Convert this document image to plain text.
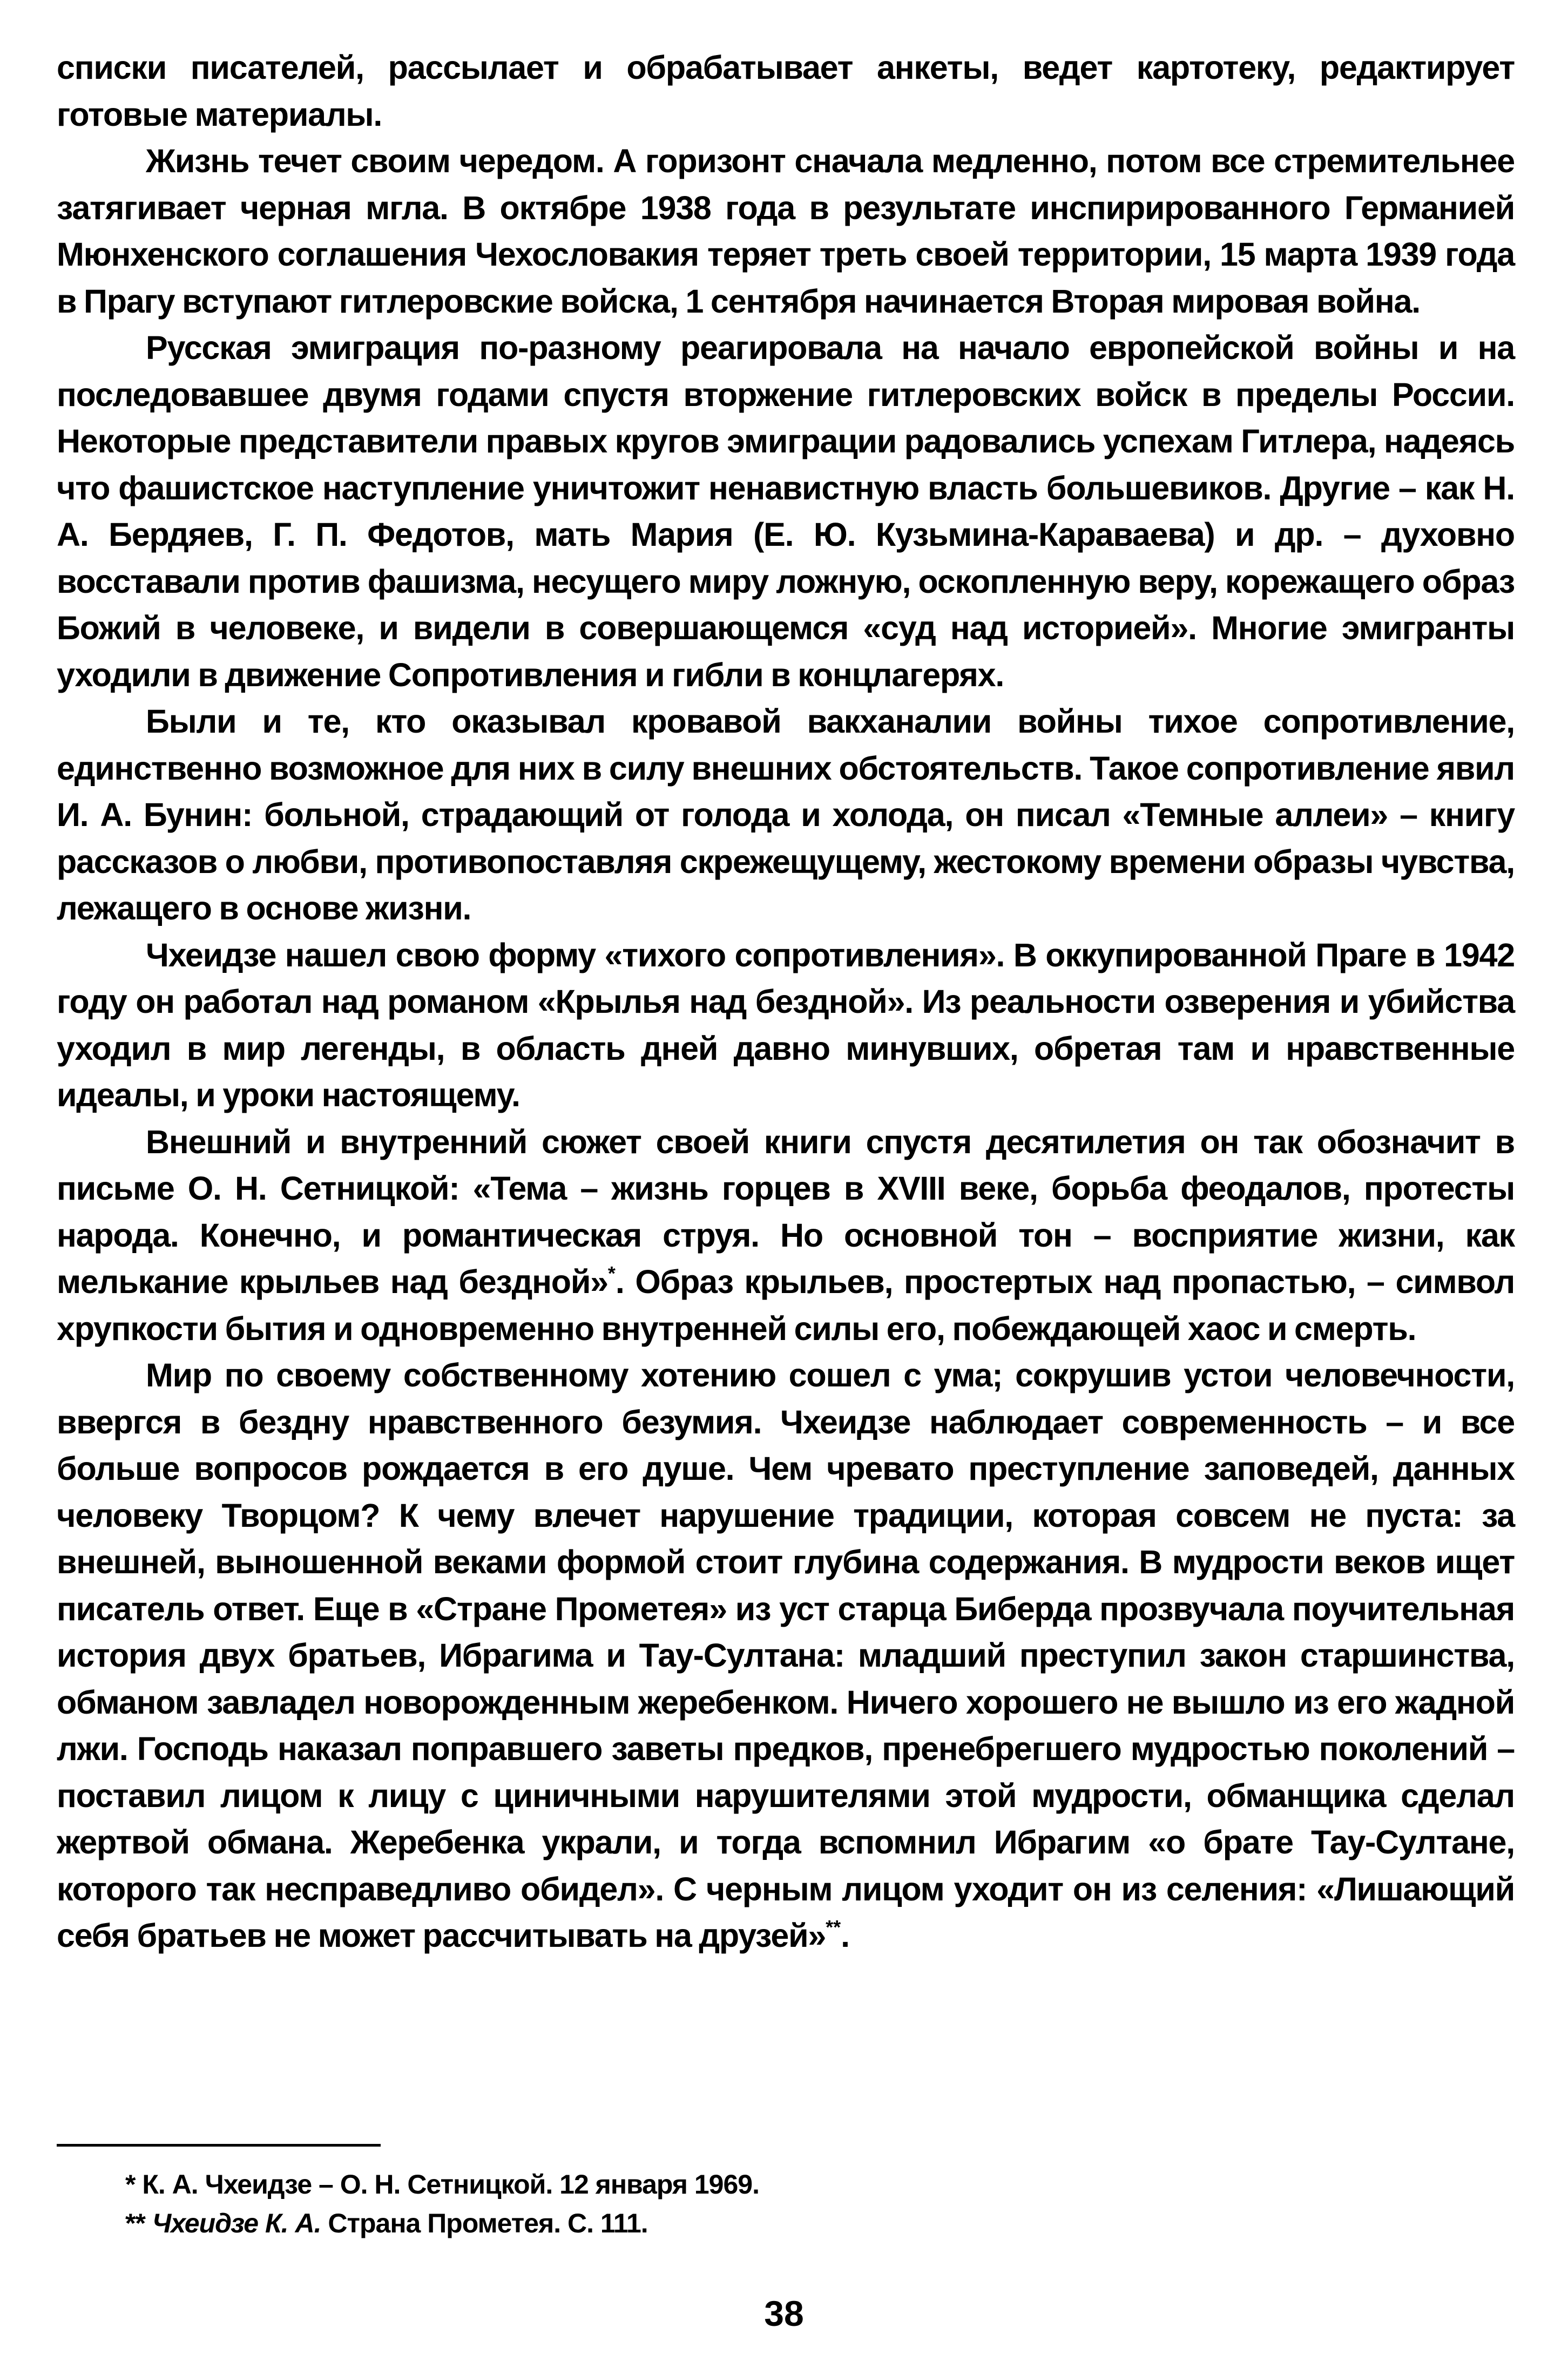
списки писателей, рассылает и обрабатывает анкеты, ведет картотеку, редактирует готовые материалы.

Жизнь течет своим чередом. А горизонт сначала медленно, потом все стремительнее затягивает черная мгла. В октябре 1938 года в результате инспирированного Германией Мюнхенского соглашения Чехословакия теряет треть своей территории, 15 марта 1939 года в Прагу вступают гитлеровские войска, 1 сентября начинается Вторая мировая война.

Русская эмиграция по-разному реагировала на начало европейской войны и на последовавшее двумя годами спустя вторжение гитлеровских войск в пределы России. Некоторые представители правых кругов эмиграции радовались успехам Гитлера, надеясь что фашистское наступление уничтожит ненавистную власть большевиков. Другие – как Н. А. Бердяев, Г. П. Федотов, мать Мария (Е. Ю. Кузьмина-Караваева) и др. – духовно восставали против фашизма, несущего миру ложную, оскопленную веру, корежащего образ Божий в человеке, и видели в совершающемся «суд над историей». Многие эмигранты уходили в движение Сопротивления и гибли в концлагерях.

Были и те, кто оказывал кровавой вакханалии войны тихое сопротивление, единственно возможное для них в силу внешних обстоятельств. Такое сопротивление явил И. А. Бунин: больной, страдающий от голода и холода, он писал «Темные аллеи» – книгу рассказов о любви, противопоставляя скрежещущему, жестокому времени образы чувства, лежащего в основе жизни.

Чхеидзе нашел свою форму «тихого сопротивления». В оккупированной Праге в 1942 году он работал над романом «Крылья над бездной». Из реальности озверения и убийства уходил в мир легенды, в область дней давно минувших, обретая там и нравственные идеалы, и уроки настоящему.

Внешний и внутренний сюжет своей книги спустя десятилетия он так обозначит в письме О. Н. Сетницкой: «Тема – жизнь горцев в XVIII веке, борьба феодалов, протесты народа. Конечно, и романтическая струя. Но основной тон – восприятие жизни, как мелькание крыльев над бездной»*. Образ крыльев, простертых над пропастью, – символ хрупкости бытия и одновременно внутренней силы его, побеждающей хаос и смерть.

Мир по своему собственному хотению сошел с ума; сокрушив устои человечности, ввергся в бездну нравственного безумия. Чхеидзе наблюдает современность – и все больше вопросов рождается в его душе. Чем чревато преступление заповедей, данных человеку Творцом? К чему влечет нарушение традиции, которая совсем не пуста: за внешней, выношенной веками формой стоит глубина содержания. В мудрости веков ищет писатель ответ. Еще в «Стране Прометея» из уст старца Биберда прозвучала поучительная история двух братьев, Ибрагима и Тау-Султана: младший преступил закон старшинства, обманом завладел новорожденным жеребенком. Ничего хорошего не вышло из его жадной лжи. Господь наказал поправшего заветы предков, пренебрегшего мудростью поколений – поставил лицом к лицу с циничными нарушителями этой мудрости, обманщика сделал жертвой обмана. Жеребенка украли, и тогда вспомнил Ибрагим «о брате Тау-Султане, которого так несправедливо обидел». С черным лицом уходит он из селения: «Лишающий себя братьев не может рассчитывать на друзей»**.

* К. А. Чхеидзе – О. Н. Сетницкой. 12 января 1969.

** Чхеидзе К. А. Страна Прометея. С. 111.

38
